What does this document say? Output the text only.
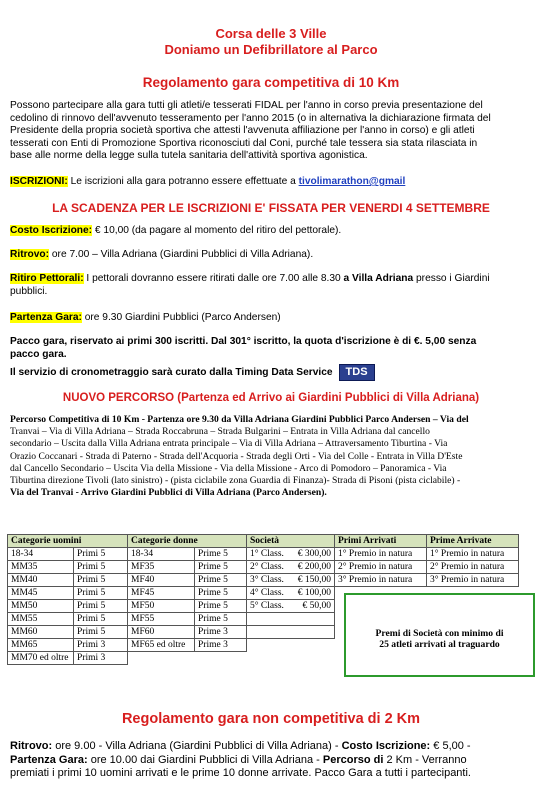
Corsa delle 3 Ville
Doniamo un Defibrillatore al Parco
Regolamento gara competitiva di 10 Km
Possono partecipare alla gara tutti gli atleti/e tesserati FIDAL per l'anno in corso previa presentazione del
cedolino di rinnovo dell'avvenuto tesseramento per l'anno 2015 (o in alternativa la dichiarazione firmata del
Presidente della propria società sportiva che attesti l'avvenuta affiliazione per l'anno in corso) e gli atleti
tesserati con Enti di Promozione Sportiva riconosciuti dal Coni, purché tale tessera sia stata rilasciata in
base alle norme della legge sulla tutela sanitaria dell'attività sportiva agonistica.
ISCRIZIONI: Le iscrizioni alla gara potranno essere effettuate a tivolimarathon@gmail
LA SCADENZA PER LE ISCRIZIONI E' FISSATA PER VENERDI 4 SETTEMBRE
Costo Iscrizione: € 10,00 (da pagare al momento del ritiro del pettorale).
Ritrovo: ore 7.00 – Villa Adriana (Giardini Pubblici di Villa Adriana).
Ritiro Pettorali: I pettorali dovranno essere ritirati dalle ore 7.00 alle 8.30 a Villa Adriana presso i Giardini
pubblici.
Partenza Gara: ore 9.30 Giardini Pubblici (Parco Andersen)
Pacco gara, riservato ai primi 300 iscritti. Dal 301° iscritto, la quota d'iscrizione è di €. 5,00 senza
pacco gara.
Il servizio di cronometraggio sarà curato dalla Timing Data Service TDS
NUOVO PERCORSO (Partenza ed Arrivo ai Giardini Pubblici di Villa Adriana)
Percorso Competitiva di 10 Km - Partenza ore 9.30 da Villa Adriana Giardini Pubblici Parco Andersen – Via del
Tranvai – Via di Villa Adriana – Strada Roccabruna – Strada Bulgarini – Entrata in Villa Adriana dal cancello
secondario – Uscita dalla Villa Adriana entrata principale – Via di Villa Adriana – Attraversamento Tiburtina - Via
Orazio Coccanari - Strada di Paterno - Strada dell'Acquoria - Strada degli Orti - Via del Colle - Entrata in Villa D'Este
dal Cancello Secondario – Uscita Via della Missione - Via della Missione - Arco di Pomodoro – Panoramica - Via
Tiburtina direzione Tivoli (lato sinistro) - (pista ciclabile zona Guardia di Finanza)- Strada di Pisoni (pista ciclabile) -
Via del Tranvai - Arrivo Giardini Pubblici di Villa Adriana (Parco Andersen).
Categorie uomini		Categorie donne		Società		Primi Arrivati	Prime Arrivate
18-34	Primi 5	18-34	Prime 5	1° Class.	€ 300,00	1° Premio in natura	1° Premio in natura
MM35	Primi 5	MF35	Prime 5	2° Class.	€ 200,00	2° Premio in natura	2° Premio in natura
MM40	Primi 5	MF40	Prime 5	3° Class.	€ 150,00	3° Premio in natura	3° Premio in natura
MM45	Primi 5	MF45	Prime 5	4° Class.	€ 100,00		
MM50	Primi 5	MF50	Prime 5	5° Class.	€ 50,00		
MM55	Primi 5	MF55	Prime 5				
MM60	Primi 5	MF60	Prime 3				
MM65	Primi 3	MF65 ed oltre	Prime 3				
MM70 ed oltre	Primi 3						
Premi di Società con minimo di
25 atleti arrivati al traguardo
Regolamento gara non competitiva di 2 Km
Ritrovo: ore 9.00 - Villa Adriana (Giardini Pubblici di Villa Adriana) - Costo Iscrizione: € 5,00 -
Partenza Gara: ore 10.00 dai Giardini Pubblici di Villa Adriana - Percorso di 2 Km - Verranno
premiati i primi 10 uomini arrivati e le prime 10 donne arrivate. Pacco Gara a tutti i partecipanti.
